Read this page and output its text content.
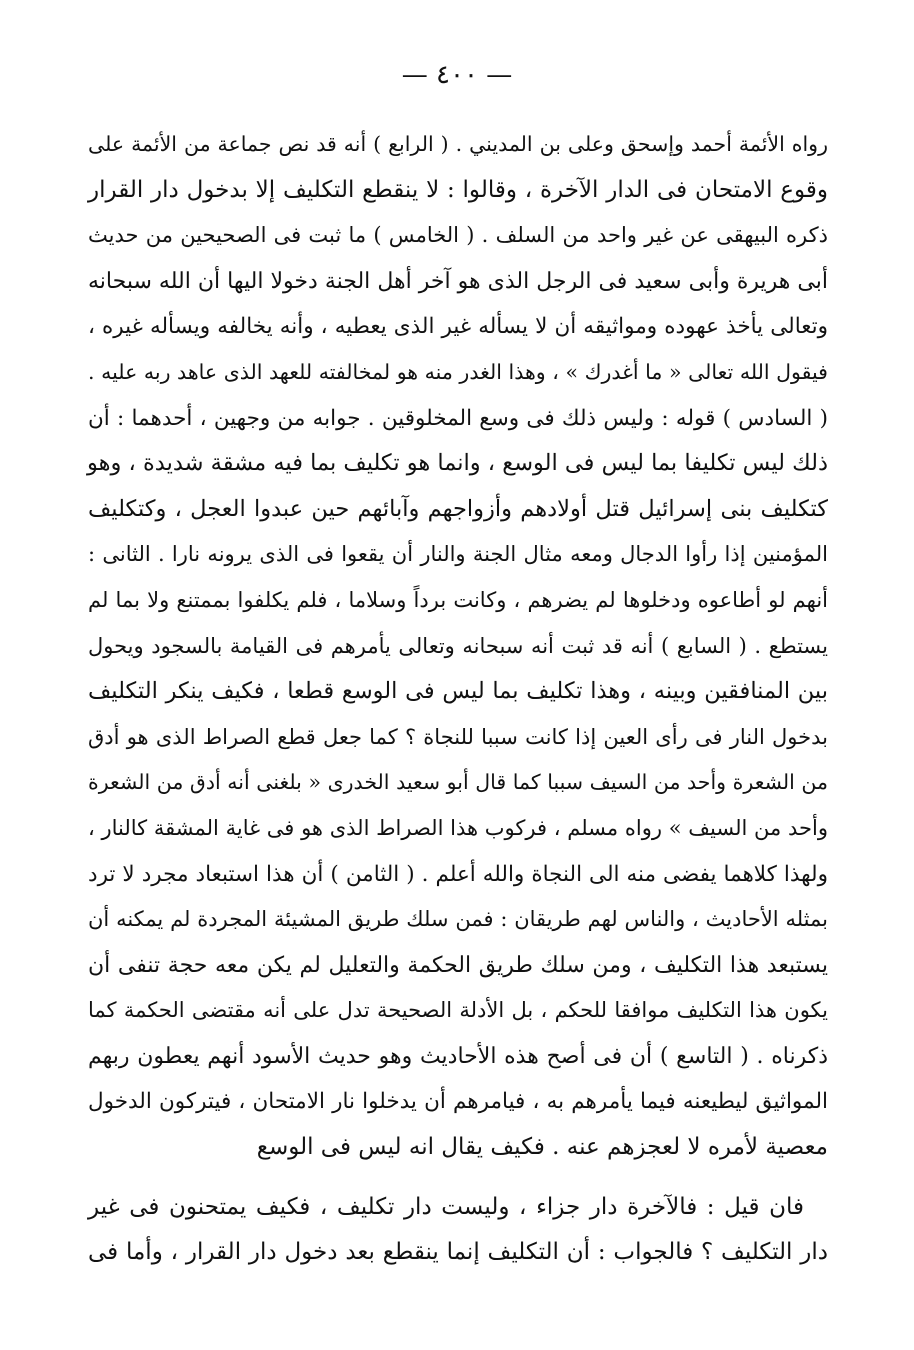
— ٤٠٠ —
رواه الأئمة أحمد وإسحق وعلى بن المديني . ( الرابع ) أنه قد نص جماعة من الأئمة على
وقوع الامتحان فى الدار الآخرة ، وقالوا : لا ينقطع التكليف إلا بدخول دار القرار
ذكره البيهقى عن غير واحد من السلف . ( الخامس ) ما ثبت فى الصحيحين من حديث
أبى هريرة وأبى سعيد فى الرجل الذى هو آخر أهل الجنة دخولا اليها أن الله سبحانه
وتعالى يأخذ عهوده ومواثيقه أن لا يسأله غير الذى يعطيه ، وأنه يخالفه ويسأله غيره ،
فيقول الله تعالى « ما أغدرك » ، وهذا الغدر منه هو لمخالفته للعهد الذى عاهد ربه عليه .
( السادس ) قوله : وليس ذلك فى وسع المخلوقين . جوابه من وجهين ، أحدهما : أن
ذلك ليس تكليفا بما ليس فى الوسع ، وانما هو تكليف بما فيه مشقة شديدة ، وهو
كتكليف بنى إسرائيل قتل أولادهم وأزواجهم وآبائهم حين عبدوا العجل ، وكتكليف
المؤمنين إذا رأوا الدجال ومعه مثال الجنة والنار أن يقعوا فى الذى يرونه نارا . الثانى :
أنهم لو أطاعوه ودخلوها لم يضرهم ، وكانت برداً وسلاما ، فلم يكلفوا بممتنع ولا بما لم
يستطع . ( السابع ) أنه قد ثبت أنه سبحانه وتعالى يأمرهم فى القيامة بالسجود ويحول
بين المنافقين وبينه ، وهذا تكليف بما ليس فى الوسع قطعا ، فكيف ينكر التكليف
بدخول النار فى رأى العين إذا كانت سببا للنجاة ؟ كما جعل قطع الصراط الذى هو أدق
من الشعرة وأحد من السيف سببا كما قال أبو سعيد الخدرى « بلغنى أنه أدق من الشعرة
وأحد من السيف » رواه مسلم ، فركوب هذا الصراط الذى هو فى غاية المشقة كالنار ،
ولهذا كلاهما يفضى منه الى النجاة والله أعلم . ( الثامن ) أن هذا استبعاد مجرد لا ترد
بمثله الأحاديث ، والناس لهم طريقان : فمن سلك طريق المشيئة المجردة لم يمكنه أن
يستبعد هذا التكليف ، ومن سلك طريق الحكمة والتعليل لم يكن معه حجة تنفى أن
يكون هذا التكليف موافقا للحكم ، بل الأدلة الصحيحة تدل على أنه مقتضى الحكمة كما
ذكرناه . ( التاسع ) أن فى أصح هذه الأحاديث وهو حديث الأسود أنهم يعطون ربهم
المواثيق ليطيعنه فيما يأمرهم به ، فيامرهم أن يدخلوا نار الامتحان ، فيتركون الدخول
معصية لأمره لا لعجزهم عنه . فكيف يقال انه ليس فى الوسع
فان قيل : فالآخرة دار جزاء ، وليست دار تكليف ، فكيف يمتحنون فى غير
دار التكليف ؟ فالجواب : أن التكليف إنما ينقطع بعد دخول دار القرار ، وأما فى
